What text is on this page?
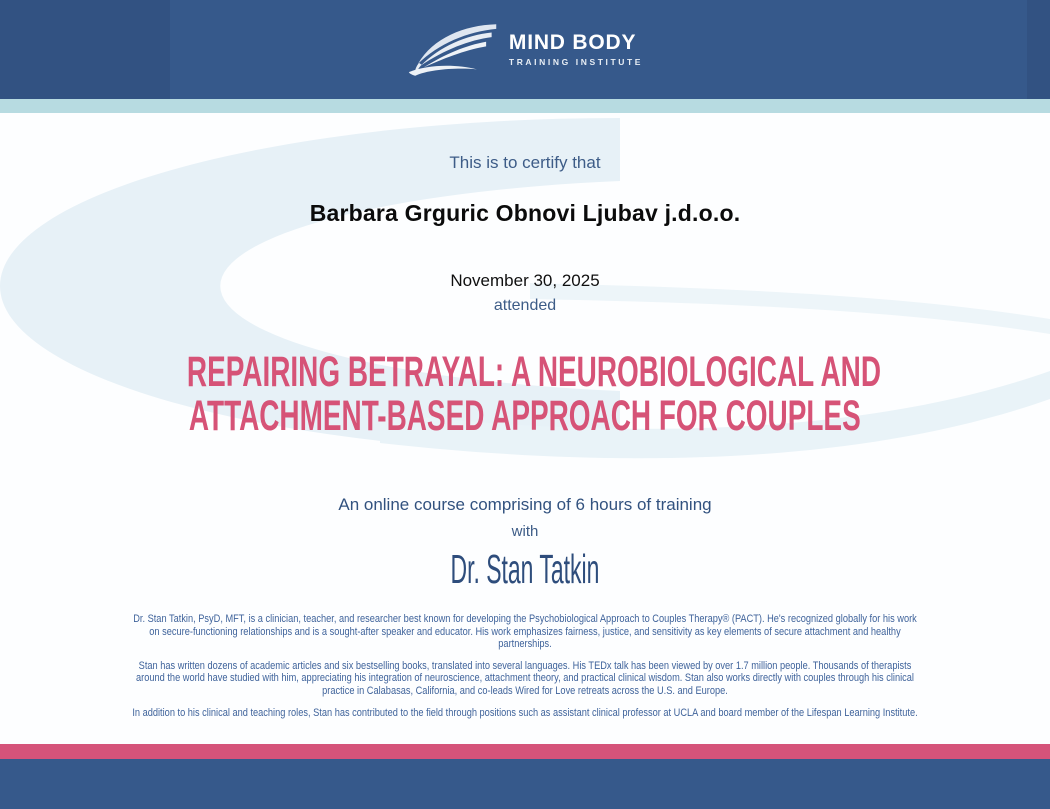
MIND BODY
TRAINING INSTITUTE
This is to certify that
Barbara Grguric Obnovi Ljubav j.d.o.o.
November 30, 2025
attended
REPAIRING BETRAYAL: A NEUROBIOLOGICAL AND
ATTACHMENT-BASED APPROACH FOR COUPLES
An online course comprising of 6 hours of training
with
Dr. Stan Tatkin

Dr. Stan Tatkin, PsyD, MFT, is a clinician, teacher, and researcher best known for developing the Psychobiological Approach to Couples Therapy® (PACT). He's recognized globally for his work on secure-functioning relationships and is a sought-after speaker and educator. His work emphasizes fairness, justice, and sensitivity as key elements of secure attachment and healthy partnerships.

Stan has written dozens of academic articles and six bestselling books, translated into several languages. His TEDx talk has been viewed by over 1.7 million people. Thousands of therapists around the world have studied with him, appreciating his integration of neuroscience, attachment theory, and practical clinical wisdom. Stan also works directly with couples through his clinical practice in Calabasas, California, and co-leads Wired for Love retreats across the U.S. and Europe.

In addition to his clinical and teaching roles, Stan has contributed to the field through positions such as assistant clinical professor at UCLA and board member of the Lifespan Learning Institute.
